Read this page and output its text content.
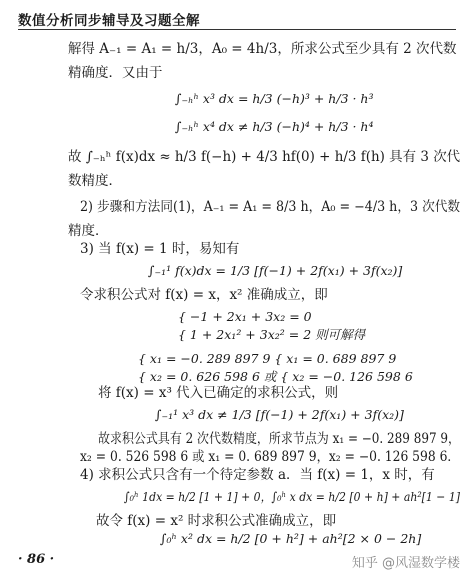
数值分析同步辅导及习题全解
解得 A₋₁ = A₁ = h/3，A₀ = 4h/3，所求公式至少具有 2 次代数
精确度．又由于
∫₋ₕʰ x³ dx = h/3 (−h)³ + h/3 · h³
∫₋ₕʰ x⁴ dx ≠ h/3 (−h)⁴ + h/3 · h⁴
故 ∫₋ₕʰ f(x)dx ≈ h/3 f(−h) + 4/3 hf(0) + h/3 f(h) 具有 3 次代
数精度．
2) 步骤和方法同(1)，A₋₁ = A₁ = 8/3 h，A₀ = −4/3 h，3 次代数
精度．
3) 当 f(x) = 1 时，易知有
∫₋₁¹ f(x)dx = 1/3 [f(−1) + 2f(x₁) + 3f(x₂)]
令求积公式对 f(x) = x，x² 准确成立，即
{ −1 + 2x₁ + 3x₂ = 0
{ 1 + 2x₁² + 3x₂² = 2 则可解得
{ x₁ = −0. 289 897 9 { x₁ = 0. 689 897 9
{ x₂ = 0. 626 598 6 或 { x₂ = −0. 126 598 6
将 f(x) = x³ 代入已确定的求积公式，则
∫₋₁¹ x³ dx ≠ 1/3 [f(−1) + 2f(x₁) + 3f(x₂)]
故求积公式具有 2 次代数精度，所求节点为 x₁ = −0. 289 897 9，
x₂ = 0. 526 598 6 或 x₁ = 0. 689 897 9，x₂ = −0. 126 598 6．
4) 求积公式只含有一个待定参数 a．当 f(x) = 1，x 时，有
∫₀ʰ 1dx = h/2 [1 + 1] + 0，∫₀ʰ x dx = h/2 [0 + h] + ah²[1 − 1]
故令 f(x) = x² 时求积公式准确成立，即
∫₀ʰ x² dx = h/2 [0 + h²] + ah²[2 × 0 − 2h]
· 86 ·	知乎 @风湿数学楼
